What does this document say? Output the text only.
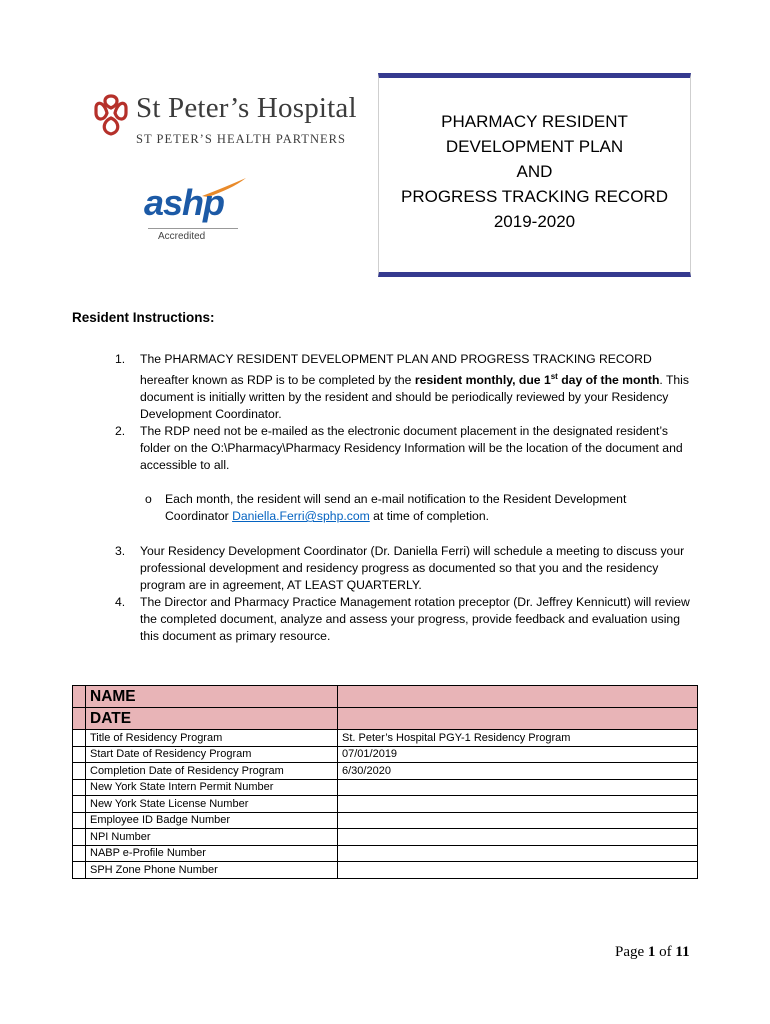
St Peter’s Hospital
ST PETER’S HEALTH PARTNERS
ashp
Accredited
PHARMACY RESIDENT
DEVELOPMENT PLAN
AND
PROGRESS TRACKING RECORD
2019-2020
Resident Instructions:
1. The PHARMACY RESIDENT DEVELOPMENT PLAN AND PROGRESS TRACKING RECORD hereafter known as RDP is to be completed by the resident monthly, due 1st day of the month. This document is initially written by the resident and should be periodically reviewed by your Residency Development Coordinator.
2. The RDP need not be e-mailed as the electronic document placement in the designated resident’s folder on the O:\Pharmacy\Pharmacy Residency Information will be the location of the document and accessible to all.
o Each month, the resident will send an e-mail notification to the Resident Development Coordinator Daniella.Ferri@sphp.com at time of completion.
3. Your Residency Development Coordinator (Dr. Daniella Ferri) will schedule a meeting to discuss your professional development and residency progress as documented so that you and the residency program are in agreement, AT LEAST QUARTERLY.
4. The Director and Pharmacy Practice Management rotation preceptor (Dr. Jeffrey Kennicutt) will review the completed document, analyze and assess your progress, provide feedback and evaluation using this document as primary resource.
	NAME	
	DATE	
	Title of Residency Program	St. Peter’s Hospital PGY-1 Residency Program
	Start Date of Residency Program	07/01/2019
	Completion Date of Residency Program	6/30/2020
	New York State Intern Permit Number	
	New York State License Number	
	Employee ID Badge Number	
	NPI Number	
	NABP e-Profile Number	
	SPH Zone Phone Number	
Page 1 of 11
